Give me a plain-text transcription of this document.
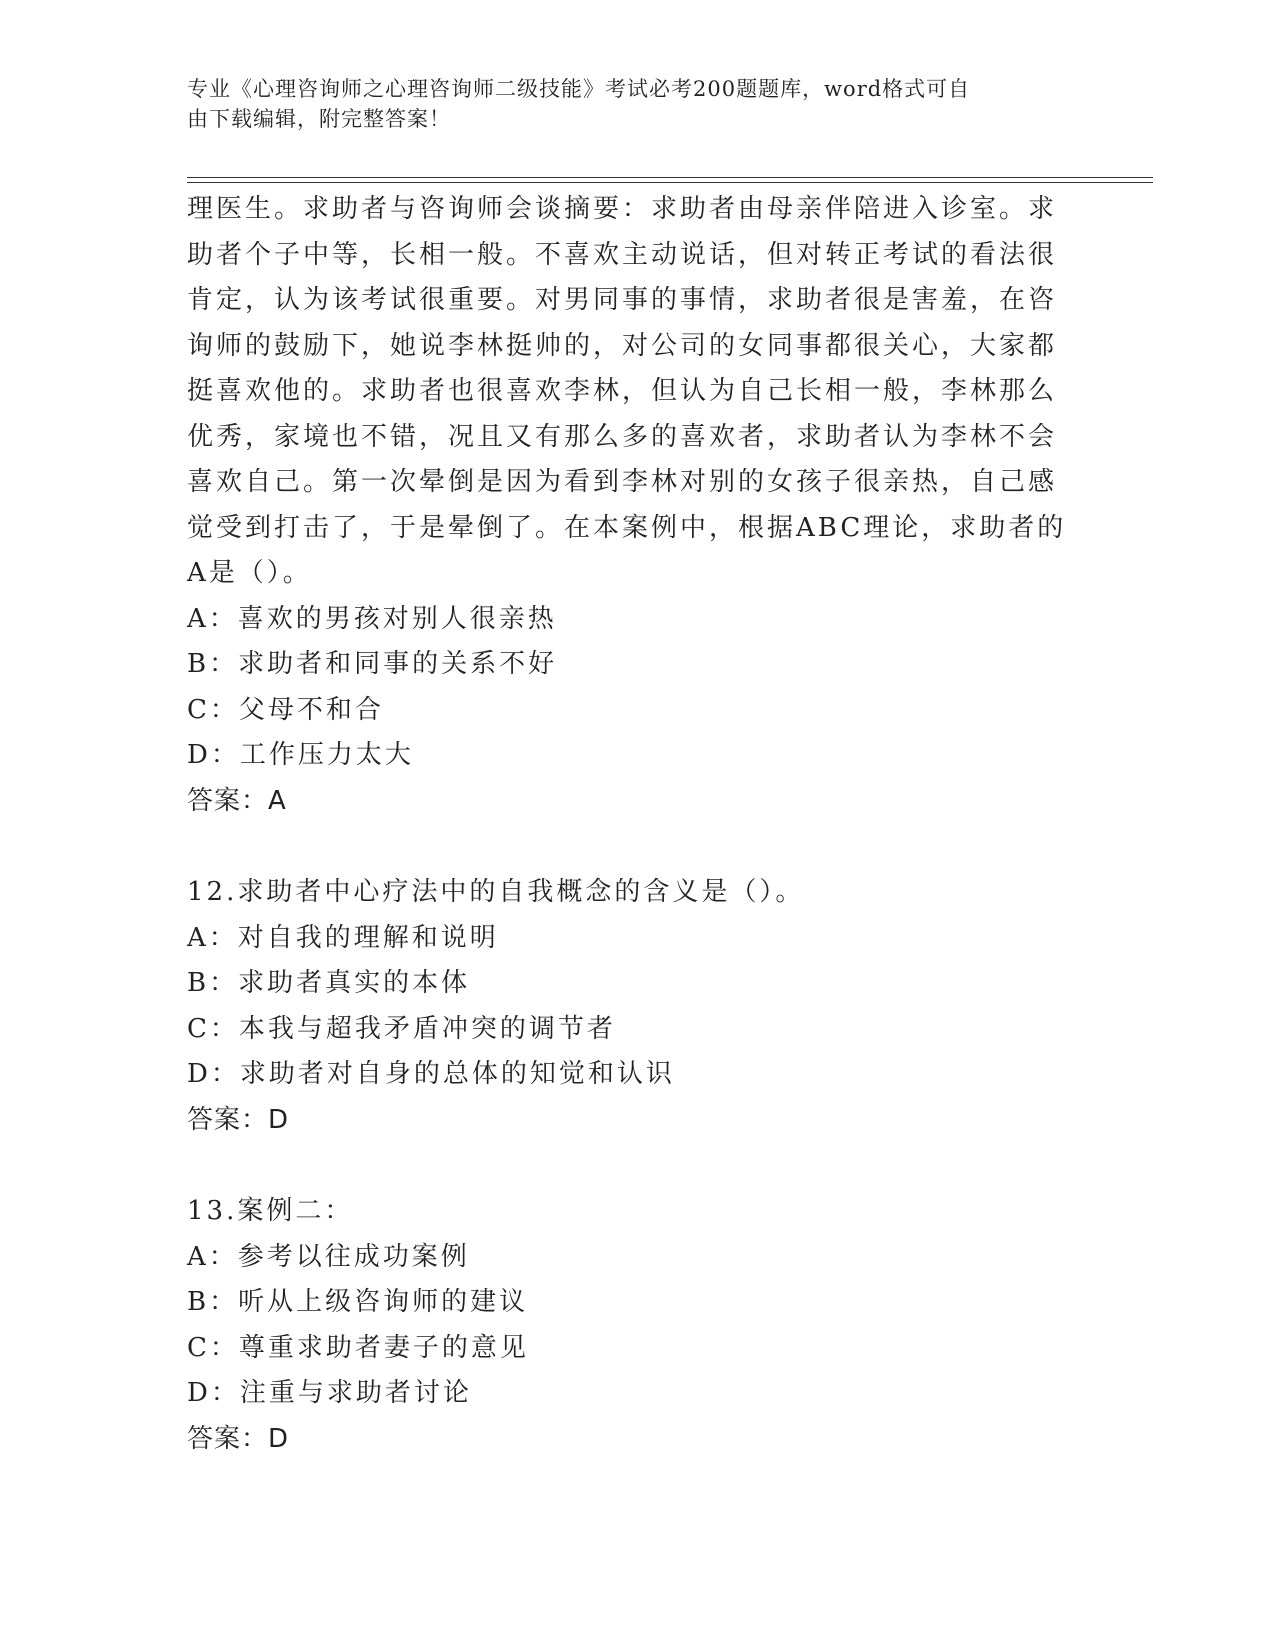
专业《心理咨询师之心理咨询师二级技能》考试必考200题题库，word格式可自
由下载编辑，附完整答案！
理医生。求助者与咨询师会谈摘要：求助者由母亲伴陪进入诊室。求
助者个子中等，长相一般。不喜欢主动说话，但对转正考试的看法很
肯定，认为该考试很重要。对男同事的事情，求助者很是害羞，在咨
询师的鼓励下，她说李林挺帅的，对公司的女同事都很关心，大家都
挺喜欢他的。求助者也很喜欢李林，但认为自己长相一般，李林那么
优秀，家境也不错，况且又有那么多的喜欢者，求助者认为李林不会
喜欢自己。第一次晕倒是因为看到李林对别的女孩子很亲热，自己感
觉受到打击了，于是晕倒了。在本案例中，根据ABC理论，求助者的
A是（）。
A：喜欢的男孩对别人很亲热
B：求助者和同事的关系不好
C：父母不和合
D：工作压力太大
答案：A
12.求助者中心疗法中的自我概念的含义是（）。
A：对自我的理解和说明
B：求助者真实的本体
C：本我与超我矛盾冲突的调节者
D：求助者对自身的总体的知觉和认识
答案：D
13.案例二：
A：参考以往成功案例
B：听从上级咨询师的建议
C：尊重求助者妻子的意见
D：注重与求助者讨论
答案：D
